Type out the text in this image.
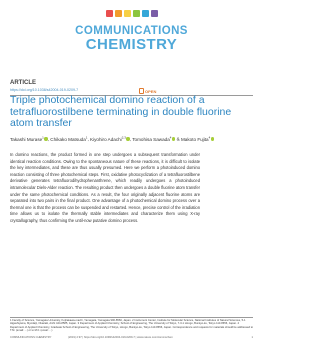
COMMUNICATIONS
CHEMISTRY
ARTICLE
https://doi.org/10.1038/s42004-019-0209-7	OPEN
Triple photochemical domino reaction of a tetrafluorostilbene terminating in double fluorine atom transfer
Takashi Murase$^1$ , Chikako Matsuda$^1$, Kiyohiro Adachi$^{2,3}$ , Tomohisa Sawada$^4$ & Makoto Fujita$^4$
In domino reactions, the product formed in one step undergoes a subsequent transformation under identical reaction conditions. Owing to the spontaneous nature of these reactions, it is difficult to isolate the key intermediates, and these are thus usually presumed. Here we perform a photoinduced domino reaction consisting of three photochemical steps. First, oxidative photocyclization of a tetrafluorostilbene derivative generates tetrafluorodihydrophenanthrene, which readily undergoes a photoinduced intramolecular Diels-Alder reaction. The resulting product then undergoes a double fluorine atom transfer under the same photochemical conditions. As a result, the four originally adjacent fluorine atoms are separated into two pairs in the final product. One advantage of a photochemical domino process over a thermal one is that the process can be suspended and restarted. Hence, precise control of the irradiation time allows us to isolate the thermally stable intermediates and characterize them using X-ray crystallography, thus confirming the until-now putative domino process.
1 Faculty of Science, Yamagata University, Kojirakawa-machi, Yamagata, Yamagata 990-8560, Japan. 2 Instrument Center, Institute for Molecular Science, National Institutes of Natural Sciences, 5-1 Higashiyama, Myodaiji, Okazaki, Aichi 444-8585, Japan. 3 Department of Applied Chemistry, School of Engineering, The University of Tokyo, 7-3-1 Hongo, Bunkyo-ku, Tokyo 113-8656, Japan. 4 Department of Applied Chemistry, Graduate School of Engineering, The University of Tokyo, Hongo, Bunkyo-ku, Tokyo 113-8656, Japan. Correspondence and requests for materials should be addressed to T.M. (email: ...) or to M.F. (email: ...)
COMMUNICATIONS CHEMISTRY	(2019) 2:97 | https://doi.org/10.1038/s42004-019-0209-7 | www.nature.com/commschem	1
